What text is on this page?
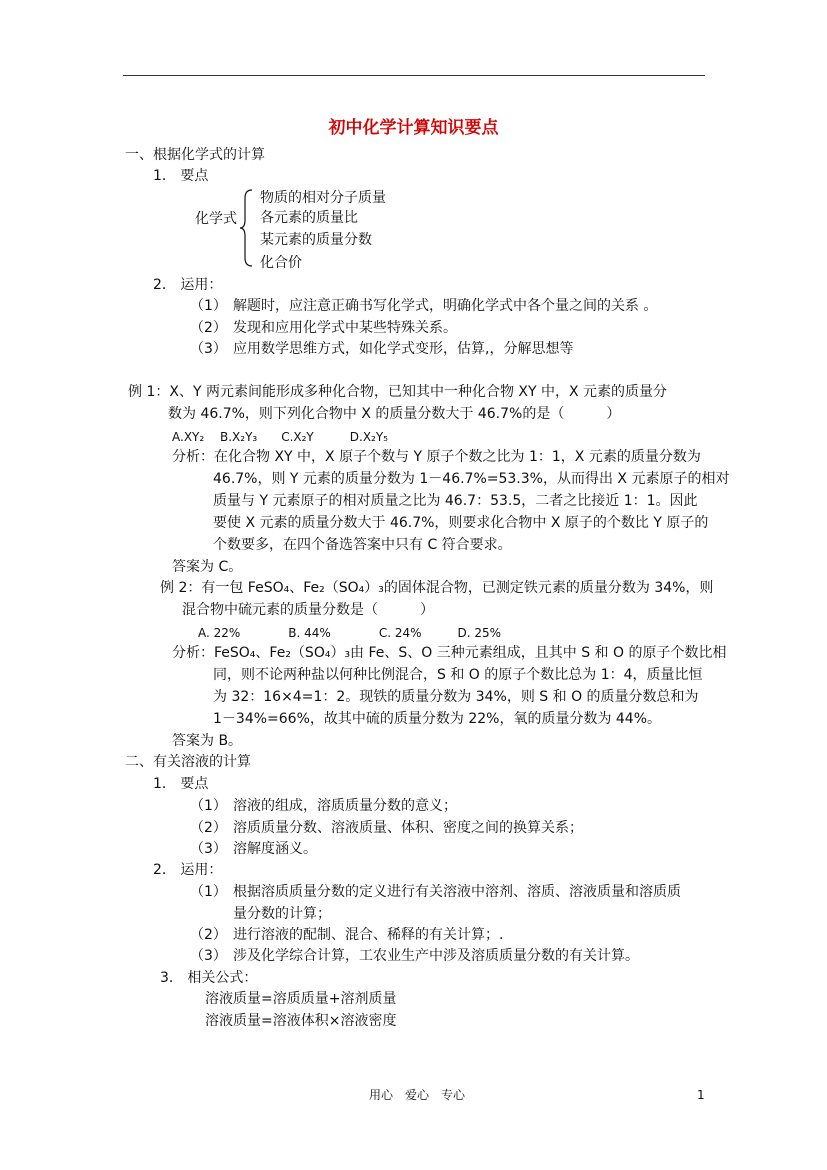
初中化学计算知识要点
一、根据化学式的计算
1． 要点
化学式
物质的相对分子质量
各元素的质量比
某元素的质量分数
化合价
2． 运用：
（1） 解题时，应注意正确书写化学式，明确化学式中各个量之间的关系 。
（2） 发现和应用化学式中某些特殊关系。
（3） 应用数学思维方式，如化学式变形，估算,，分解思想等
例 1：X、Y 两元素间能形成多种化合物，已知其中一种化合物 XY 中，X 元素的质量分
数为 46.7%，则下列化合物中 X 的质量分数大于 46.7%的是（　　　）
A.XY₂　 B.X₂Y₃　　C.X₂Y　　　D.X₂Y₅
分析：在化合物 XY 中，X 原子个数与 Y 原子个数之比为 1：1，X 元素的质量分数为
46.7%，则 Y 元素的质量分数为 1－46.7%=53.3%，从而得出 X 元素原子的相对
质量与 Y 元素原子的相对质量之比为 46.7：53.5，二者之比接近 1：1。因此
要使 X 元素的质量分数大于 46.7%，则要求化合物中 X 原子的个数比 Y 原子的
个数要多，在四个备选答案中只有 C 符合要求。
答案为 C。
例 2：有一包 FeSO₄、Fe₂（SO₄）₃的固体混合物，已测定铁元素的质量分数为 34%，则
混合物中硫元素的质量分数是（　　　）
A. 22%　　　　B. 44%　　　　C. 24%　　　D. 25%
分析：FeSO₄、Fe₂（SO₄）₃由 Fe、S、O 三种元素组成，且其中 S 和 O 的原子个数比相
同，则不论两种盐以何种比例混合，S 和 O 的原子个数比总为 1：4，质量比恒
为 32：16×4=1：2。现铁的质量分数为 34%，则 S 和 O 的质量分数总和为
1－34%=66%，故其中硫的质量分数为 22%，氧的质量分数为 44%。
答案为 B。
二、有关溶液的计算
1． 要点
（1） 溶液的组成，溶质质量分数的意义；
（2） 溶质质量分数、溶液质量、体积、密度之间的换算关系；
（3） 溶解度涵义。
2． 运用：
（1） 根据溶质质量分数的定义进行有关溶液中溶剂、溶质、溶液质量和溶质质
量分数的计算；
（2） 进行溶液的配制、混合、稀释的有关计算；.
（3） 涉及化学综合计算，工农业生产中涉及溶质质量分数的有关计算。
3． 相关公式：
溶液质量=溶质质量+溶剂质量
溶液质量=溶液体积×溶液密度
用心　爱心　专心	1
